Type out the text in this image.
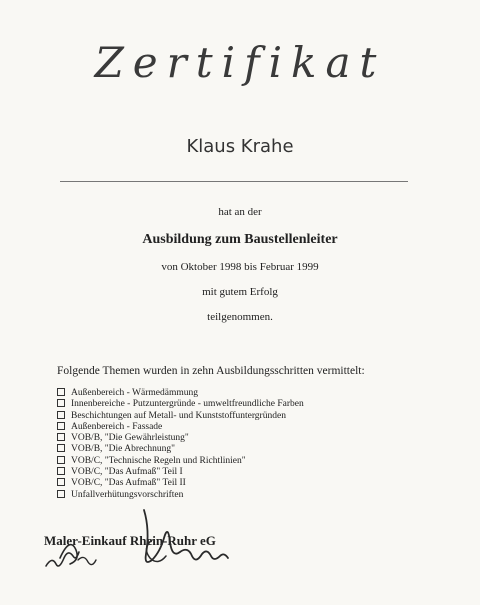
Zertifikat
Klaus Krahe
hat an der
Ausbildung zum Baustellenleiter
von Oktober 1998 bis Februar 1999
mit gutem Erfolg
teilgenommen.
Folgende Themen wurden in zehn Ausbildungsschritten vermittelt:
Außenbereich - Wärmedämmung
Innenbereiche - Putzuntergründe - umweltfreundliche Farben
Beschichtungen auf Metall- und Kunststoffuntergründen
Außenbereich - Fassade
VOB/B, "Die Gewährleistung"
VOB/B, "Die Abrechnung"
VOB/C, "Technische Regeln und Richtlinien"
VOB/C, "Das Aufmaß" Teil I
VOB/C, "Das Aufmaß" Teil II
Unfallverhütungsvorschriften
Maler-Einkauf Rhein-Ruhr eG
